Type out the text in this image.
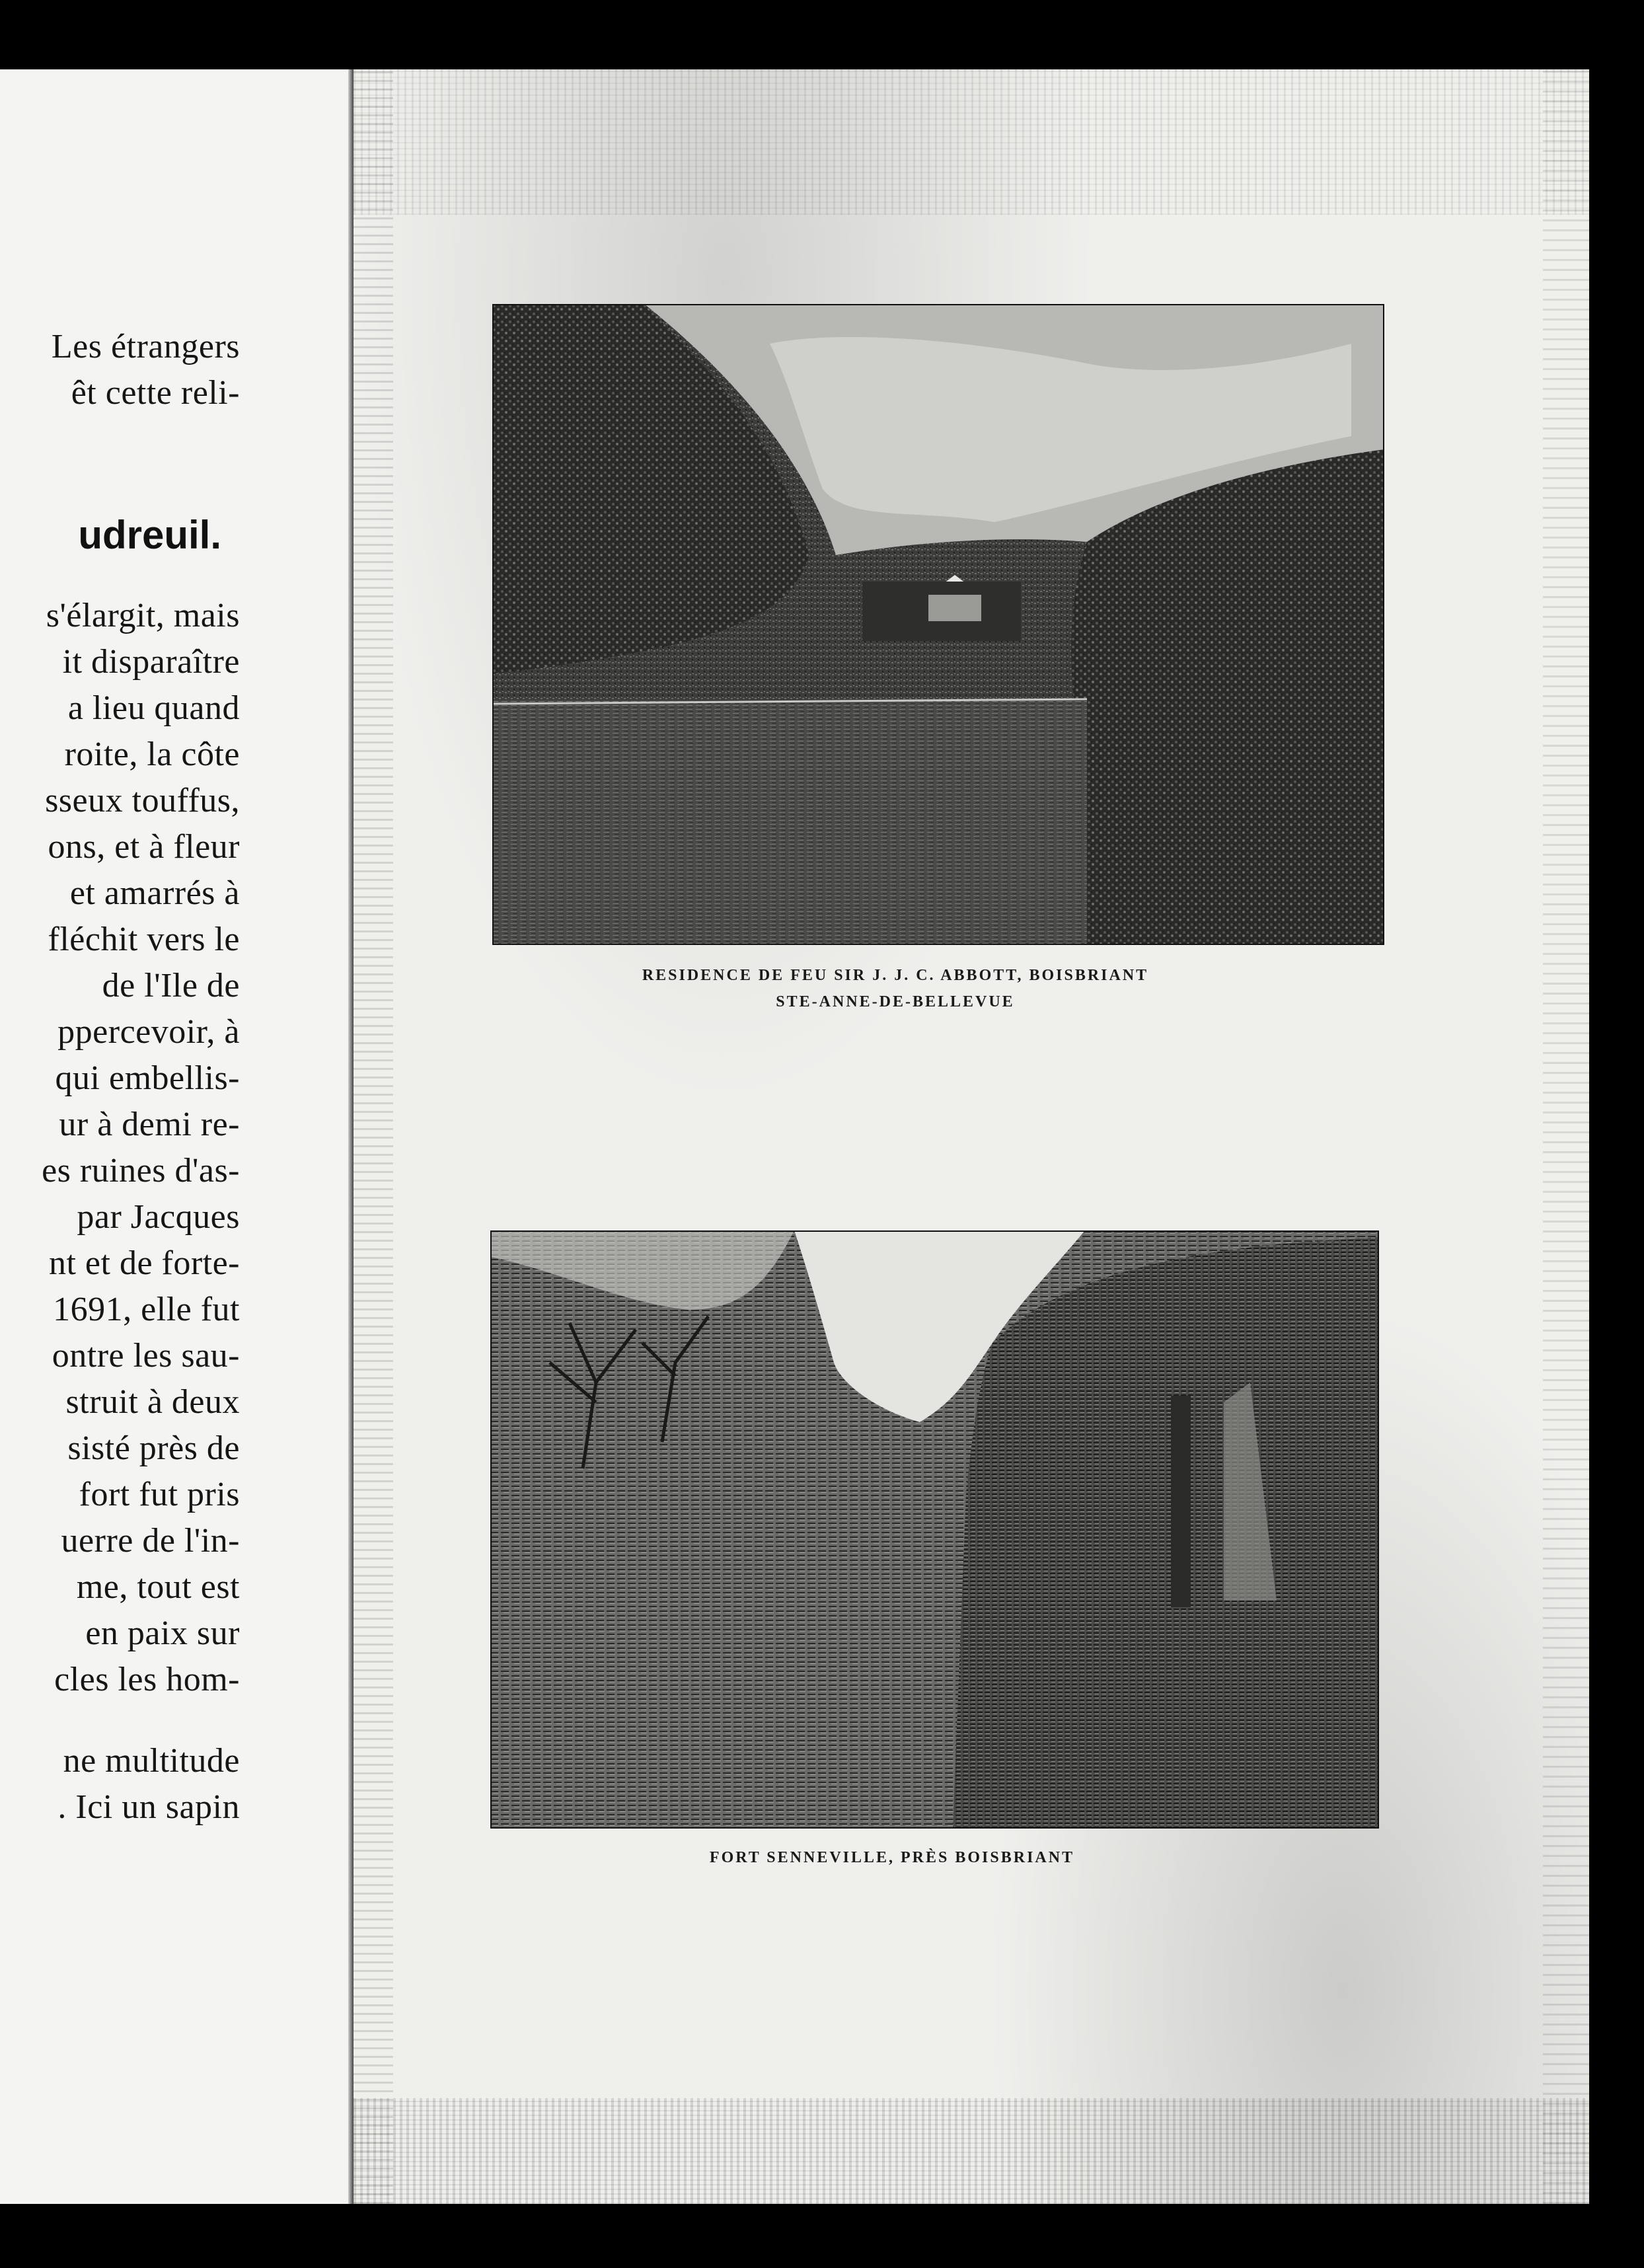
Les étrangers
êt cette reli-
udreuil.
s'élargit, mais
it disparaître
a lieu quand
roite, la côte
sseux touffus,
ons, et à fleur
et amarrés à
fléchit vers le
de l'Ile de
ppercevoir, à
qui embellis-
ur à demi re-
es ruines d'as-
par Jacques
nt et de forte-
1691, elle fut
ontre les sau-
struit à deux
sisté près de
fort fut pris
uerre de l'in-
me, tout est
en paix sur
cles les hom-
ne multitude
. Ici un sapin
RESIDENCE DE FEU SIR J. J. C. ABBOTT, BOISBRIANT
STE-ANNE-DE-BELLEVUE
FORT SENNEVILLE, PRÈS BOISBRIANT
